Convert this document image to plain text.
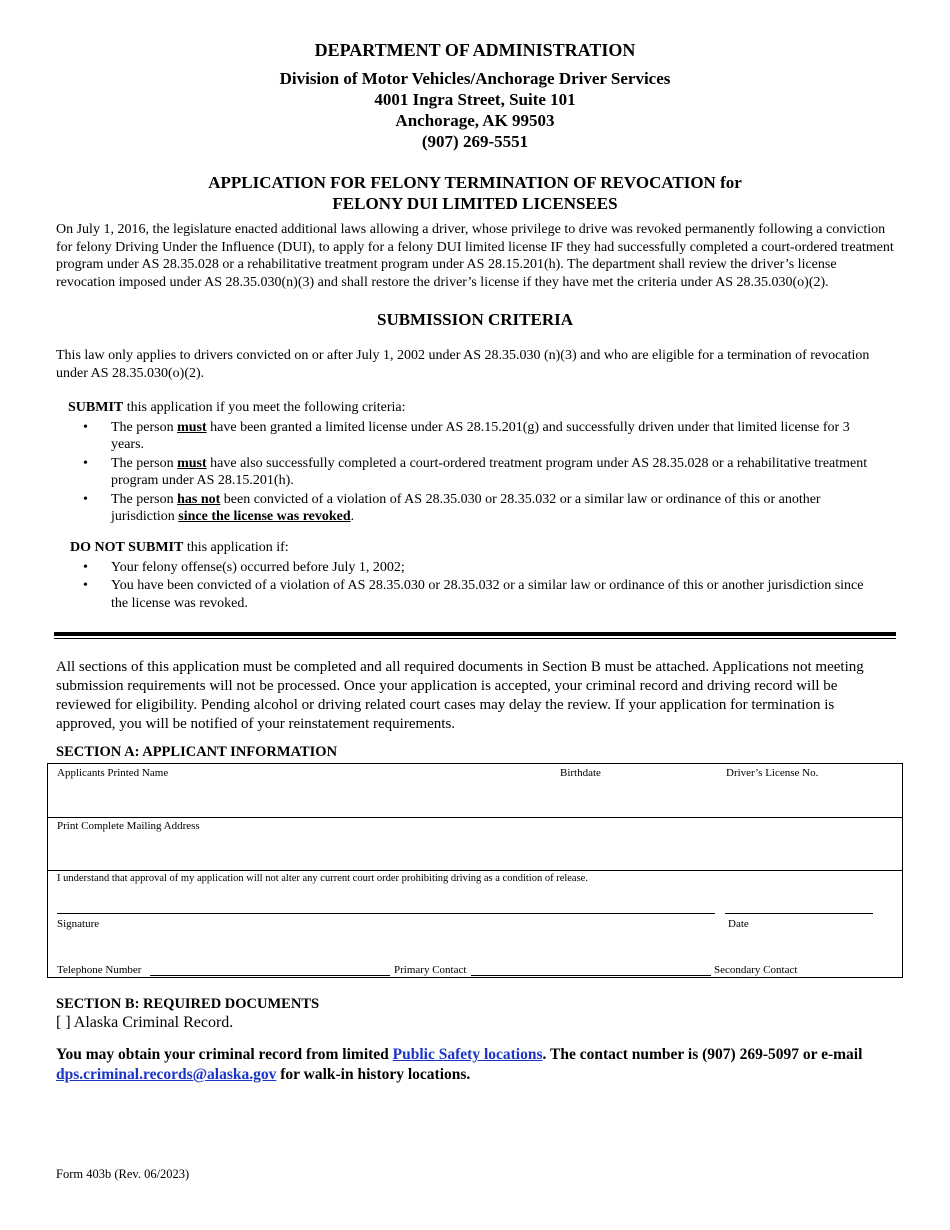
DEPARTMENT OF ADMINISTRATION
Division of Motor Vehicles/Anchorage Driver Services
4001 Ingra Street, Suite 101
Anchorage, AK 99503
(907) 269-5551
APPLICATION FOR FELONY TERMINATION OF REVOCATION for
FELONY DUI LIMITED LICENSEES
On July 1, 2016, the legislature enacted additional laws allowing a driver, whose privilege to drive was revoked permanently following a conviction for felony Driving Under the Influence (DUI), to apply for a felony DUI limited license IF they had successfully completed a court-ordered treatment program under AS 28.35.028 or a rehabilitative treatment program under AS 28.15.201(h). The department shall review the driver’s license revocation imposed under AS 28.35.030(n)(3) and shall restore the driver’s license if they have met the criteria under AS 28.35.030(o)(2).
SUBMISSION CRITERIA
This law only applies to drivers convicted on or after July 1, 2002 under AS 28.35.030 (n)(3) and who are eligible for a termination of revocation under AS 28.35.030(o)(2).
SUBMIT this application if you meet the following criteria:
• The person must have been granted a limited license under AS 28.15.201(g) and successfully driven under that limited license for 3 years.
• The person must have also successfully completed a court-ordered treatment program under AS 28.35.028 or a rehabilitative treatment program under AS 28.15.201(h).
• The person has not been convicted of a violation of AS 28.35.030 or 28.35.032 or a similar law or ordinance of this or another jurisdiction since the license was revoked.
DO NOT SUBMIT this application if:
• Your felony offense(s) occurred before July 1, 2002;
• You have been convicted of a violation of AS 28.35.030 or 28.35.032 or a similar law or ordinance of this or another jurisdiction since the license was revoked.
All sections of this application must be completed and all required documents in Section B must be attached. Applications not meeting submission requirements will not be processed. Once your application is accepted, your criminal record and driving record will be reviewed for eligibility. Pending alcohol or driving related court cases may delay the review. If your application for termination is approved, you will be notified of your reinstatement requirements.
SECTION A: APPLICANT INFORMATION
Applicants Printed Name	Birthdate	Driver’s License No.
Print Complete Mailing Address
I understand that approval of my application will not alter any current court order prohibiting driving as a condition of release.
Signature	Date
Telephone Number	Primary Contact	Secondary Contact
SECTION B: REQUIRED DOCUMENTS
[ ] Alaska Criminal Record.
You may obtain your criminal record from limited Public Safety locations. The contact number is (907) 269-5097 or e-mail dps.criminal.records@alaska.gov for walk-in history locations.
Form 403b (Rev. 06/2023)
